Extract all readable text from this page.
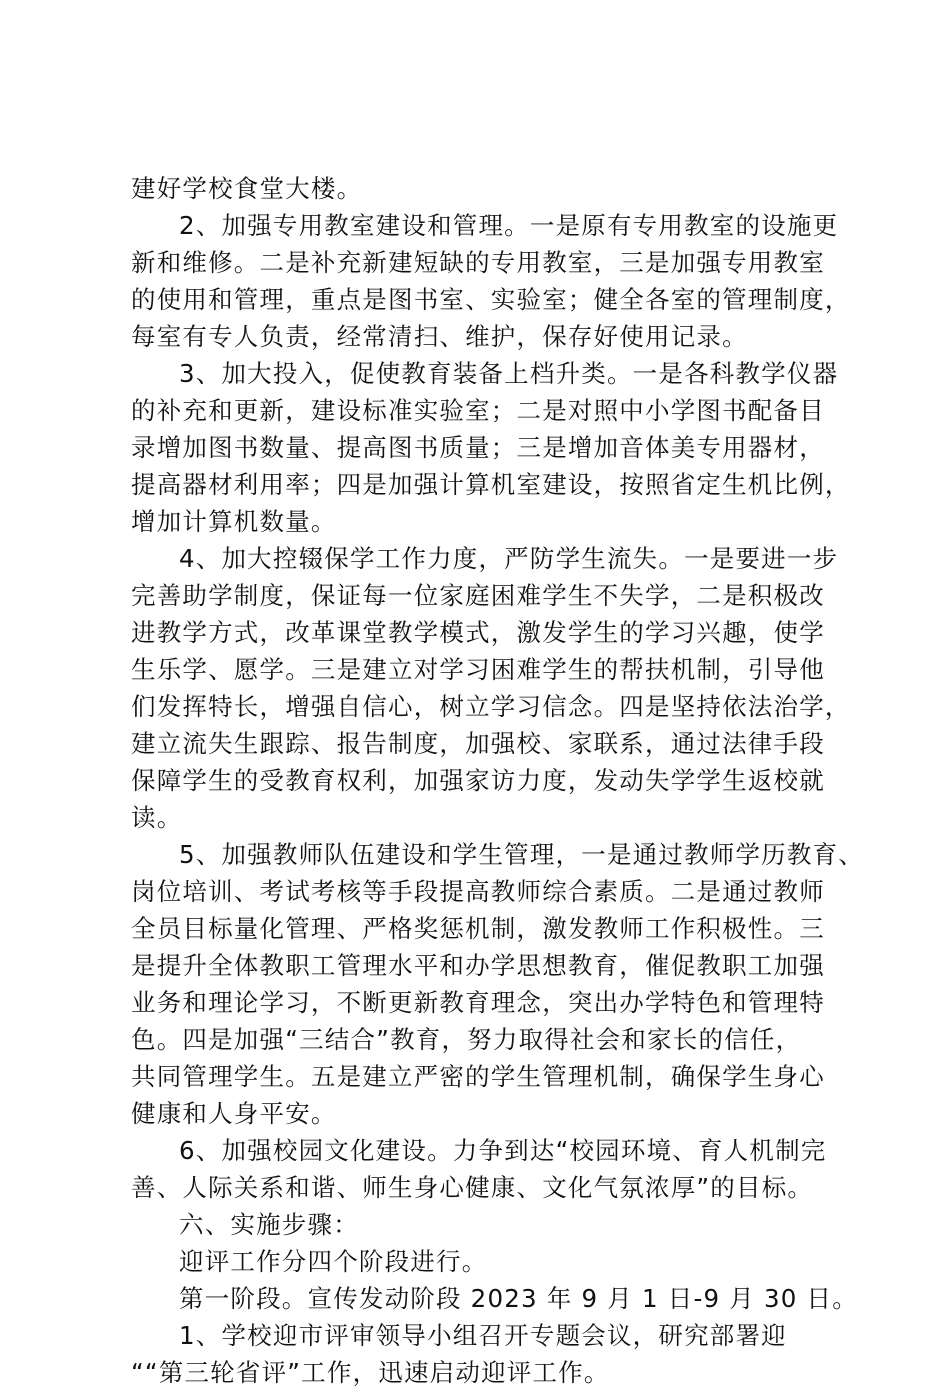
建好学校食堂大楼。
2、加强专用教室建设和管理。一是原有专用教室的设施更
新和维修。二是补充新建短缺的专用教室，三是加强专用教室
的使用和管理，重点是图书室、实验室；健全各室的管理制度，
每室有专人负责，经常清扫、维护，保存好使用记录。
3、加大投入，促使教育装备上档升类。一是各科教学仪器
的补充和更新，建设标准实验室；二是对照中小学图书配备目
录增加图书数量、提高图书质量；三是增加音体美专用器材，
提高器材利用率；四是加强计算机室建设，按照省定生机比例，
增加计算机数量。
4、加大控辍保学工作力度，严防学生流失。一是要进一步
完善助学制度，保证每一位家庭困难学生不失学，二是积极改
进教学方式，改革课堂教学模式，激发学生的学习兴趣，使学
生乐学、愿学。三是建立对学习困难学生的帮扶机制，引导他
们发挥特长，增强自信心，树立学习信念。四是坚持依法治学，
建立流失生跟踪、报告制度，加强校、家联系，通过法律手段
保障学生的受教育权利，加强家访力度，发动失学学生返校就
读。
5、加强教师队伍建设和学生管理，一是通过教师学历教育、
岗位培训、考试考核等手段提高教师综合素质。二是通过教师
全员目标量化管理、严格奖惩机制，激发教师工作积极性。三
是提升全体教职工管理水平和办学思想教育，催促教职工加强
业务和理论学习，不断更新教育理念，突出办学特色和管理特
色。四是加强“三结合”教育，努力取得社会和家长的信任，
共同管理学生。五是建立严密的学生管理机制，确保学生身心
健康和人身平安。
6、加强校园文化建设。力争到达“校园环境、育人机制完
善、人际关系和谐、师生身心健康、文化气氛浓厚”的目标。
六、实施步骤：
迎评工作分四个阶段进行。
第一阶段。宣传发动阶段 2023 年 9 月 1 日-9 月 30 日。
1、学校迎市评审领导小组召开专题会议，研究部署迎
““第三轮省评”工作，迅速启动迎评工作。
